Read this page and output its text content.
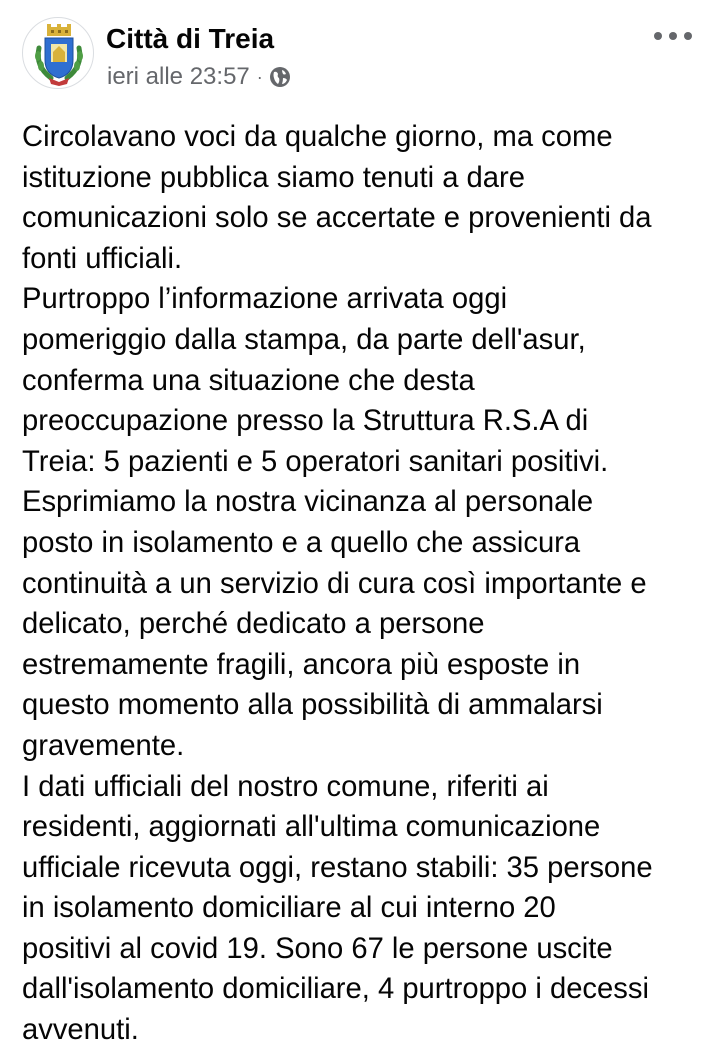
Città di Treia
ieri alle 23:57 ·

Circolavano voci da qualche giorno, ma come

istituzione pubblica siamo tenuti a dare

comunicazioni solo se accertate e provenienti da

fonti ufficiali.

Purtroppo l’informazione arrivata oggi

pomeriggio dalla stampa, da parte dell'asur,

conferma una situazione che desta

preoccupazione presso la Struttura R.S.A di

Treia: 5 pazienti e 5 operatori sanitari positivi.

Esprimiamo la nostra vicinanza al personale

posto in isolamento e a quello che assicura

continuità a un servizio di cura così importante e

delicato, perché dedicato a persone

estremamente fragili, ancora più esposte in

questo momento alla possibilità di ammalarsi

gravemente.

I dati ufficiali del nostro comune, riferiti ai

residenti, aggiornati all'ultima comunicazione

ufficiale ricevuta oggi, restano stabili: 35 persone

in isolamento domiciliare al cui interno 20

positivi al covid 19. Sono 67 le persone uscite

dall'isolamento domiciliare, 4 purtroppo i decessi

avvenuti.
